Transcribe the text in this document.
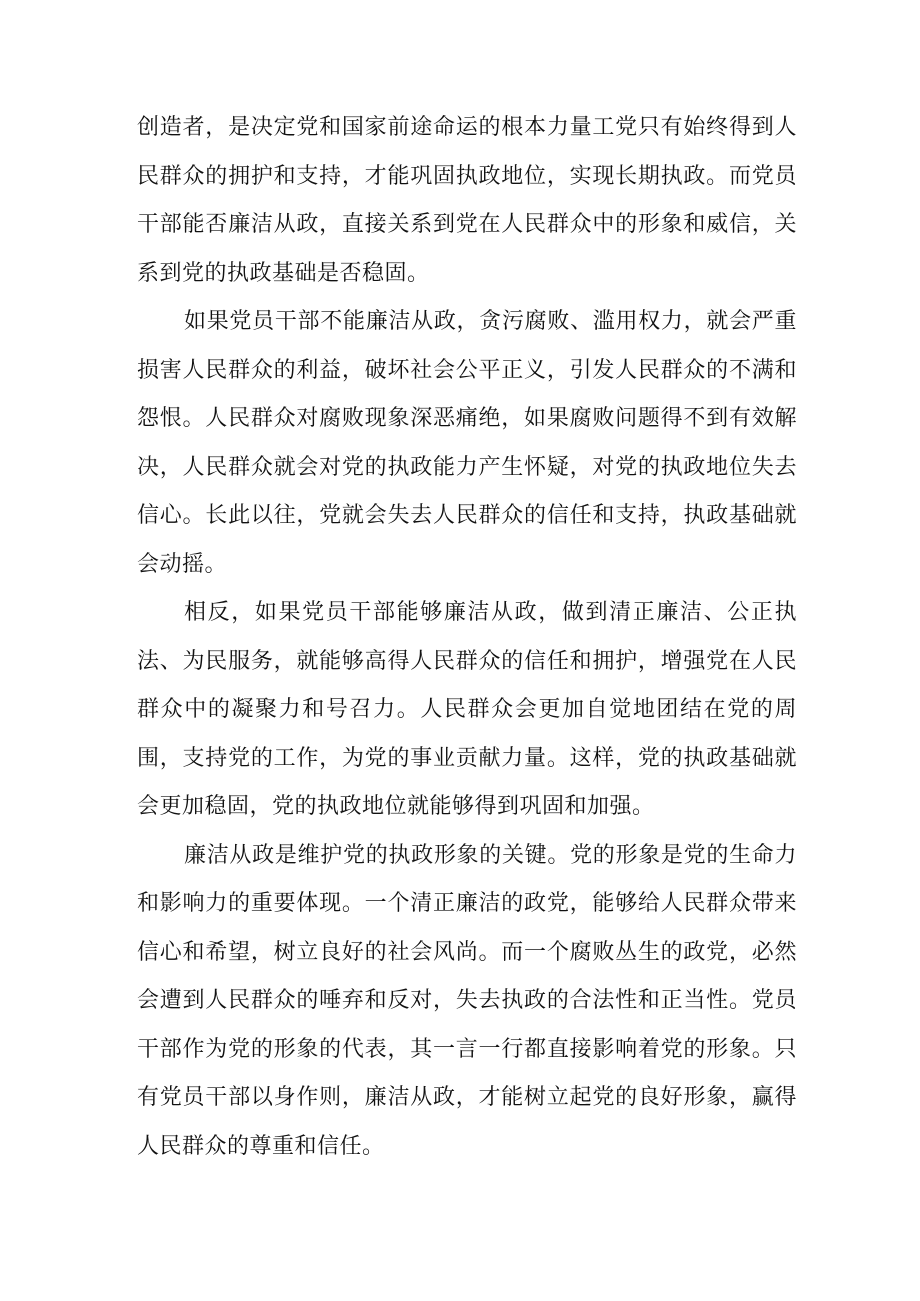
创造者，是决定党和国家前途命运的根本力量工党只有始终得到人民群众的拥护和支持，才能巩固执政地位，实现长期执政。而党员干部能否廉洁从政，直接关系到党在人民群众中的形象和威信，关系到党的执政基础是否稳固。

如果党员干部不能廉洁从政，贪污腐败、滥用权力，就会严重损害人民群众的利益，破坏社会公平正义，引发人民群众的不满和怨恨。人民群众对腐败现象深恶痛绝，如果腐败问题得不到有效解决，人民群众就会对党的执政能力产生怀疑，对党的执政地位失去信心。长此以往，党就会失去人民群众的信任和支持，执政基础就会动摇。

相反，如果党员干部能够廉洁从政，做到清正廉洁、公正执法、为民服务，就能够高得人民群众的信任和拥护，增强党在人民群众中的凝聚力和号召力。人民群众会更加自觉地团结在党的周围，支持党的工作，为党的事业贡献力量。这样，党的执政基础就会更加稳固，党的执政地位就能够得到巩固和加强。

廉洁从政是维护党的执政形象的关键。党的形象是党的生命力和影响力的重要体现。一个清正廉洁的政党，能够给人民群众带来信心和希望，树立良好的社会风尚。而一个腐败丛生的政党，必然会遭到人民群众的唾弃和反对，失去执政的合法性和正当性。党员干部作为党的形象的代表，其一言一行都直接影响着党的形象。只有党员干部以身作则，廉洁从政，才能树立起党的良好形象，赢得人民群众的尊重和信任。
